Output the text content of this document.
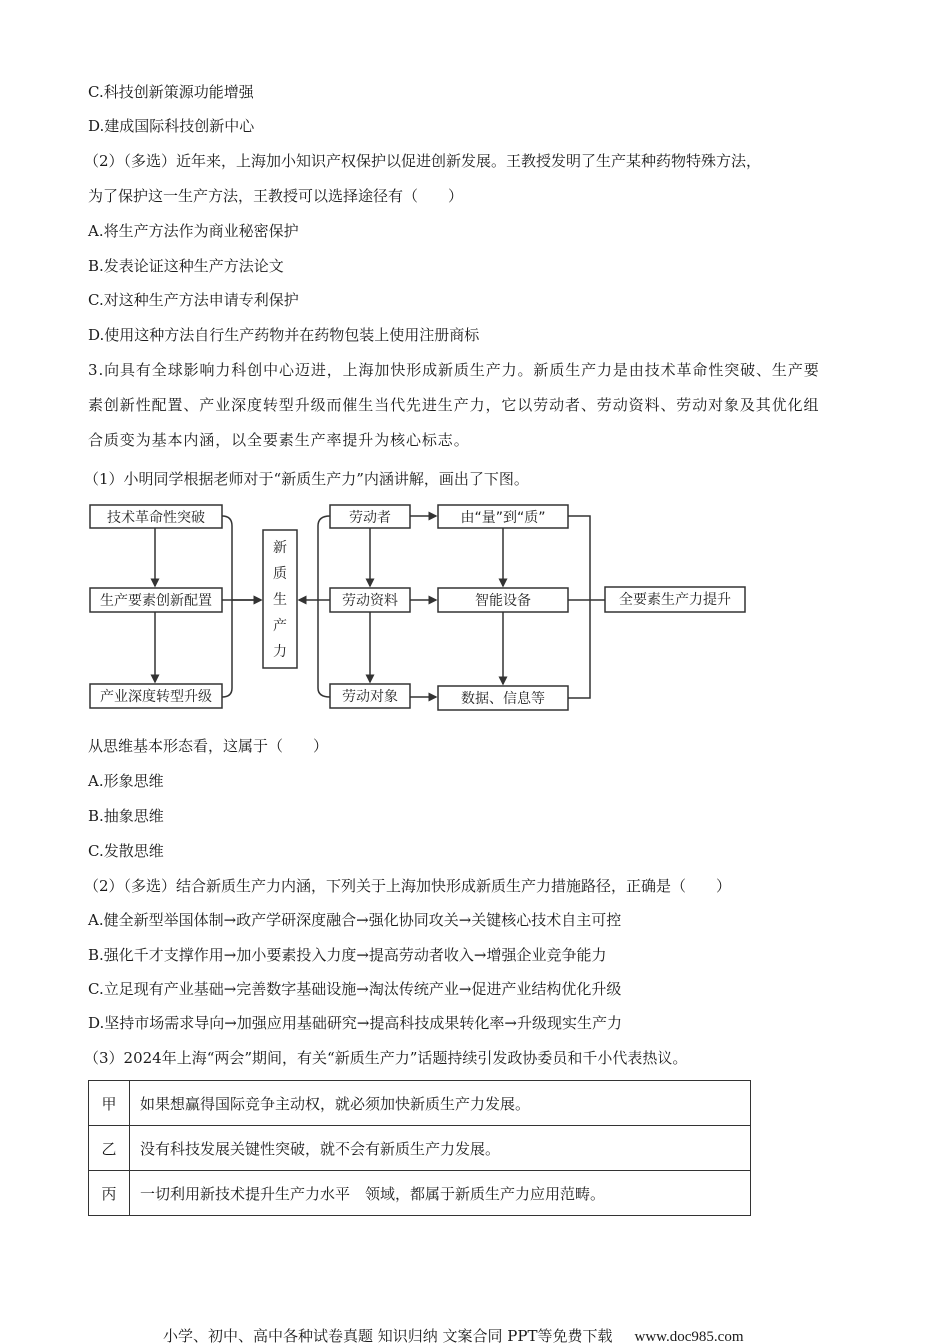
C.科技创新策源功能增强
D.建成国际科技创新中心
（2）（多选）近年来，上海加小知识产权保护以促进创新发展。王教授发明了生产某种药物特殊方法，
为了保护这一生产方法，王教授可以选择途径有（　　）
A.将生产方法作为商业秘密保护
B.发表论证这种生产方法论文
C.对这种生产方法申请专利保护
D.使用这种方法自行生产药物并在药物包装上使用注册商标
3.向具有全球影响力科创中心迈进，上海加快形成新质生产力。新质生产力是由技术革命性突破、生产要
素创新性配置、产业深度转型升级而催生当代先进生产力，它以劳动者、劳动资料、劳动对象及其优化组
合质变为基本内涵，以全要素生产率提升为核心标志。
（1）小明同学根据老师对于“新质生产力”内涵讲解，画出了下图。
技术革命性突破
生产要素创新配置
产业深度转型升级
新
质
生
产
力
劳动者
劳动资料
劳动对象
由“量”到“质”
智能设备
数据、信息等
全要素生产力提升
从思维基本形态看，这属于（　　）
A.形象思维
B.抽象思维
C.发散思维
（2）（多选）结合新质生产力内涵，下列关于上海加快形成新质生产力措施路径，正确是（　　）
A.健全新型举国体制→政产学研深度融合→强化协同攻关→关键核心技术自主可控
B.强化千才支撑作用→加小要素投入力度→提高劳动者收入→增强企业竞争能力
C.立足现有产业基础→完善数字基础设施→淘汰传统产业→促进产业结构优化升级
D.坚持市场需求导向→加强应用基础研究→提高科技成果转化率→升级现实生产力
（3）2024年上海“两会”期间，有关“新质生产力”话题持续引发政协委员和千小代表热议。
甲	如果想赢得国际竞争主动权，就必须加快新质生产力发展。
乙	没有科技发展关键性突破，就不会有新质生产力发展。
丙	一切利用新技术提升生产力水平　领域，都属于新质生产力应用范畴。
小学、初中、高中各种试卷真题 知识归纳 文案合同 PPT等免费下载 www.doc985.com
